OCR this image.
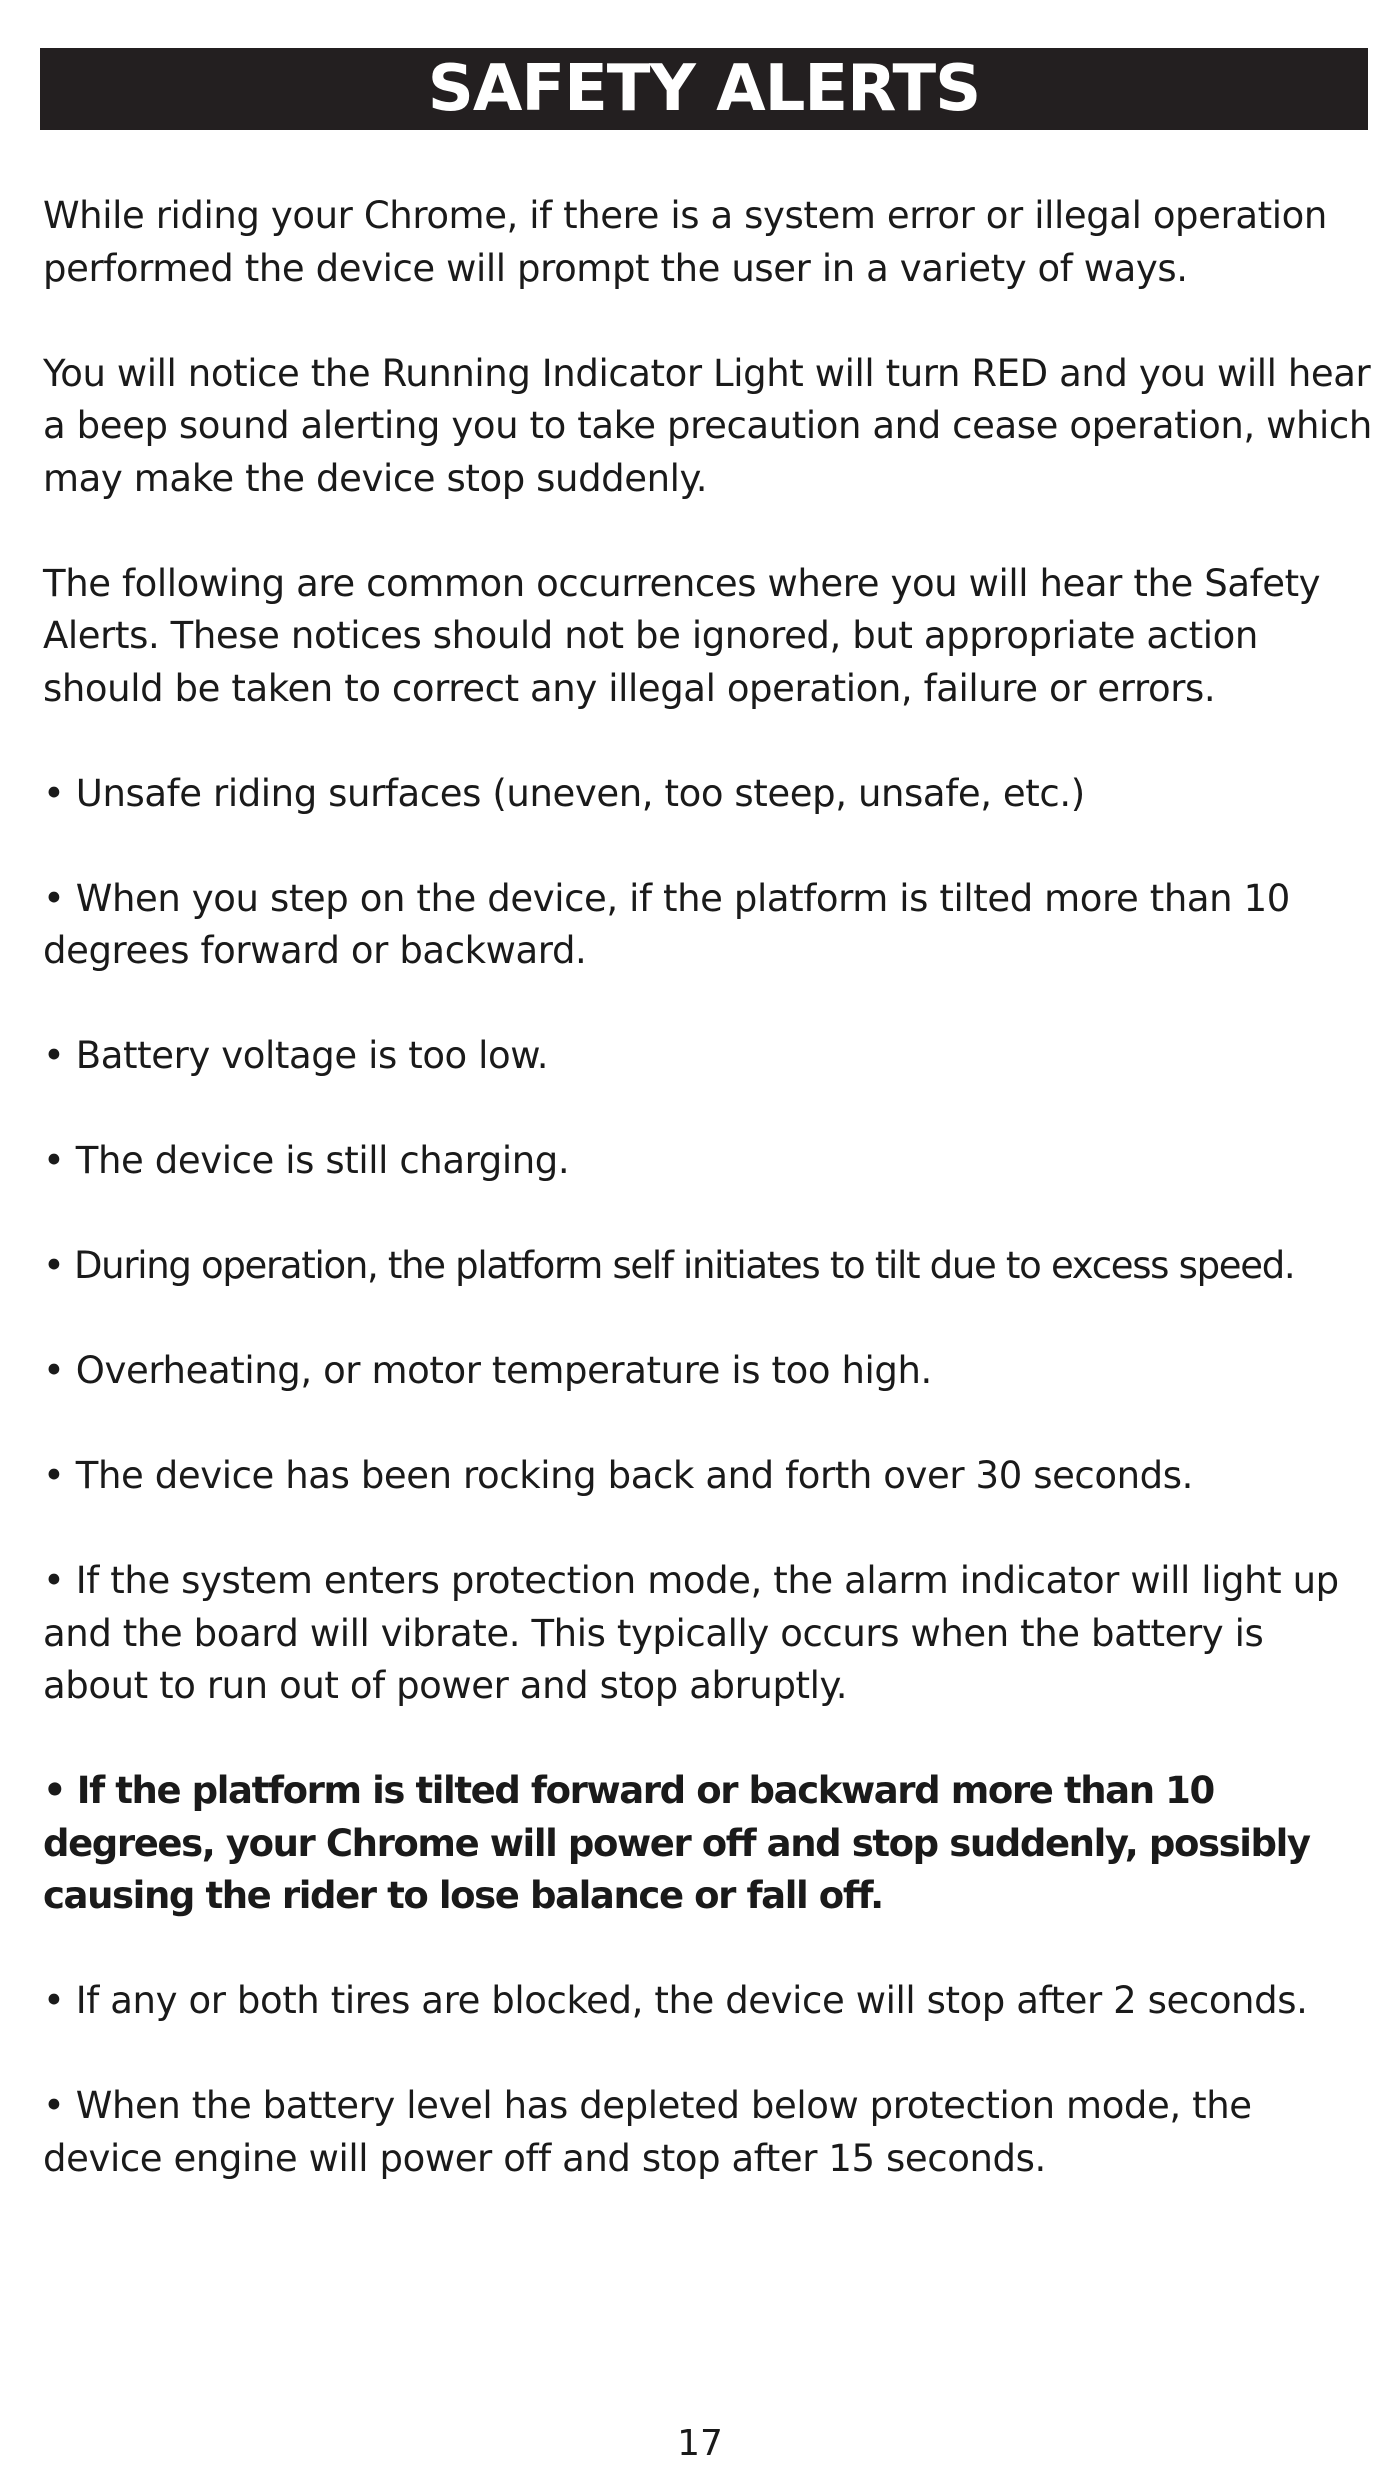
SAFETY ALERTS

While riding your Chrome, if there is a system error or illegal operation performed the device will prompt the user in a variety of ways.

You will notice the Running Indicator Light will turn RED and you will hear a beep sound alerting you to take precaution and cease operation, which may make the device stop suddenly.

The following are common occurrences where you will hear the Safety Alerts. These notices should not be ignored, but appropriate action should be taken to correct any illegal operation, failure or errors.

• Unsafe riding surfaces (uneven, too steep, unsafe, etc.)

• When you step on the device, if the platform is tilted more than 10 degrees forward or backward.

• Battery voltage is too low.

• The device is still charging.

• During operation, the platform self initiates to tilt due to excess speed.

• Overheating, or motor temperature is too high.

• The device has been rocking back and forth over 30 seconds.

• If the system enters protection mode, the alarm indicator will light up and the board will vibrate. This typically occurs when the battery is about to run out of power and stop abruptly.

• If the platform is tilted forward or backward more than 10 degrees, your Chrome will power off and stop suddenly, possibly causing the rider to lose balance or fall off.

• If any or both tires are blocked, the device will stop after 2 seconds.

• When the battery level has depleted below protection mode, the device engine will power off and stop after 15 seconds.

17
